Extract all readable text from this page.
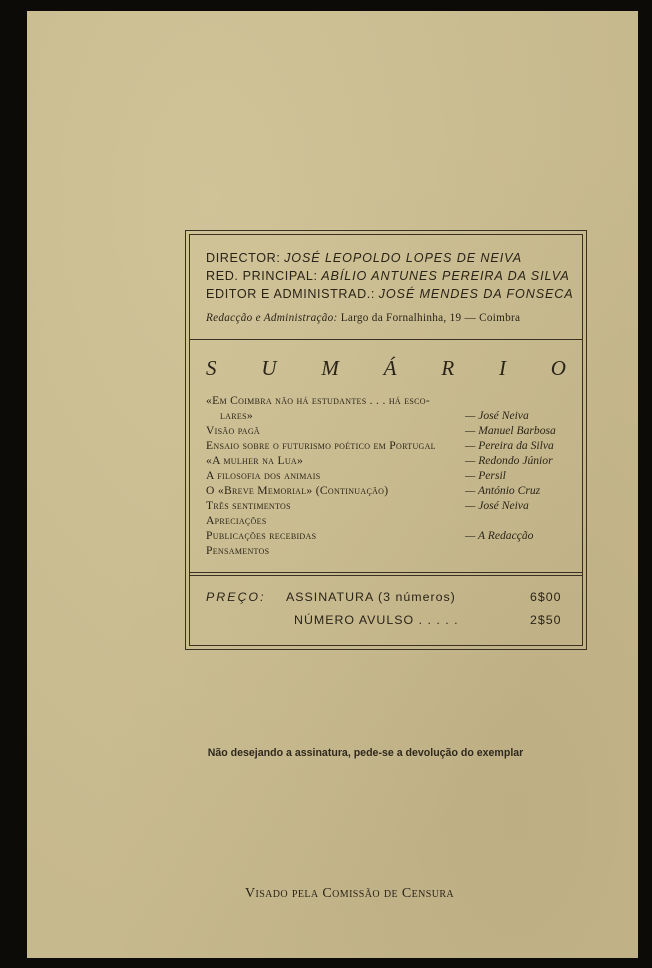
DIRECTOR: JOSÉ LEOPOLDO LOPES DE NEIVA
RED. PRINCIPAL: ABÍLIO ANTUNES PEREIRA DA SILVA
EDITOR E ADMINISTRAD.: JOSÉ MENDES DA FONSECA
Redacção e Administração: Largo da Fornalhinha, 19 — Coimbra
S U M Á R I O
«Em Coimbra não há estudantes . . . há esco-
lares»	— José Neiva
Visão pagã	— Manuel Barbosa
Ensaio sobre o futurismo poético em Portugal	— Pereira da Silva
«A mulher na Lua»	— Redondo Júnior
A filosofia dos animais	— Persil
O «Breve Memorial» (Continuação)	— António Cruz
Três sentimentos	— José Neiva
Apreciações
Publicações recebidas	— A Redacção
Pensamentos
PREÇO: ASSINATURA (3 números)	6$00
NÚMERO AVULSO . . . . .	2$50
Não desejando a assinatura, pede-se a devolução do exemplar
Visado pela Comissão de Censura
